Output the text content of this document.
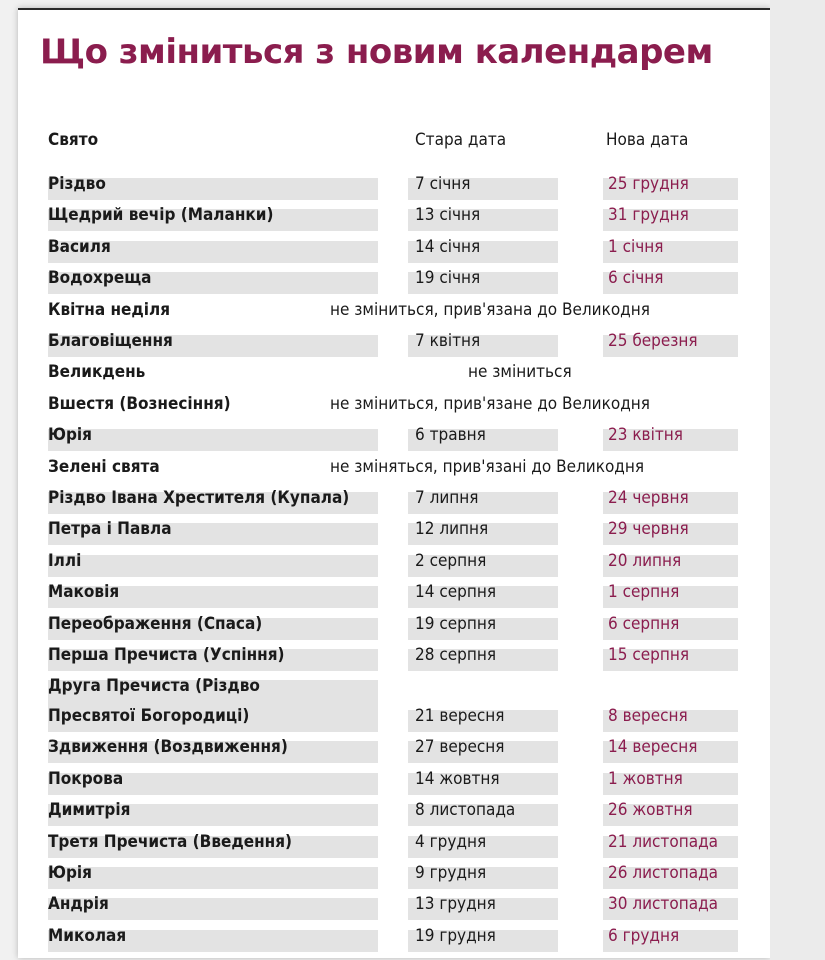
Що зміниться з новим календарем
Свято	Стара дата	Нова дата
Різдво	7 січня	25 грудня
Щедрий вечір (Маланки)	13 січня	31 грудня
Василя	14 січня	1 січня
Водохреща	19 січня	6 січня
Квітна неділя	не зміниться, прив'язана до Великодня
Благовіщення	7 квітня	25 березня
Великдень	не зміниться
Вшестя (Вознесіння)	не зміниться, прив'язане до Великодня
Юрія	6 травня	23 квітня
Зелені свята	не зміняться, прив'язані до Великодня
Різдво Івана Хрестителя (Купала)	7 липня	24 червня
Петра і Павла	12 липня	29 червня
Іллі	2 серпня	20 липня
Маковія	14 серпня	1 серпня
Переображення (Спаса)	19 серпня	6 серпня
Перша Пречиста (Успіння)	28 серпня	15 серпня
Друга Пречиста (Різдво
Пресвятої Богородиці)	21 вересня	8 вересня
Здвиження (Воздвиження)	27 вересня	14 вересня
Покрова	14 жовтня	1 жовтня
Димитрія	8 листопада	26 жовтня
Третя Пречиста (Введення)	4 грудня	21 листопада
Юрія	9 грудня	26 листопада
Андрія	13 грудня	30 листопада
Миколая	19 грудня	6 грудня
